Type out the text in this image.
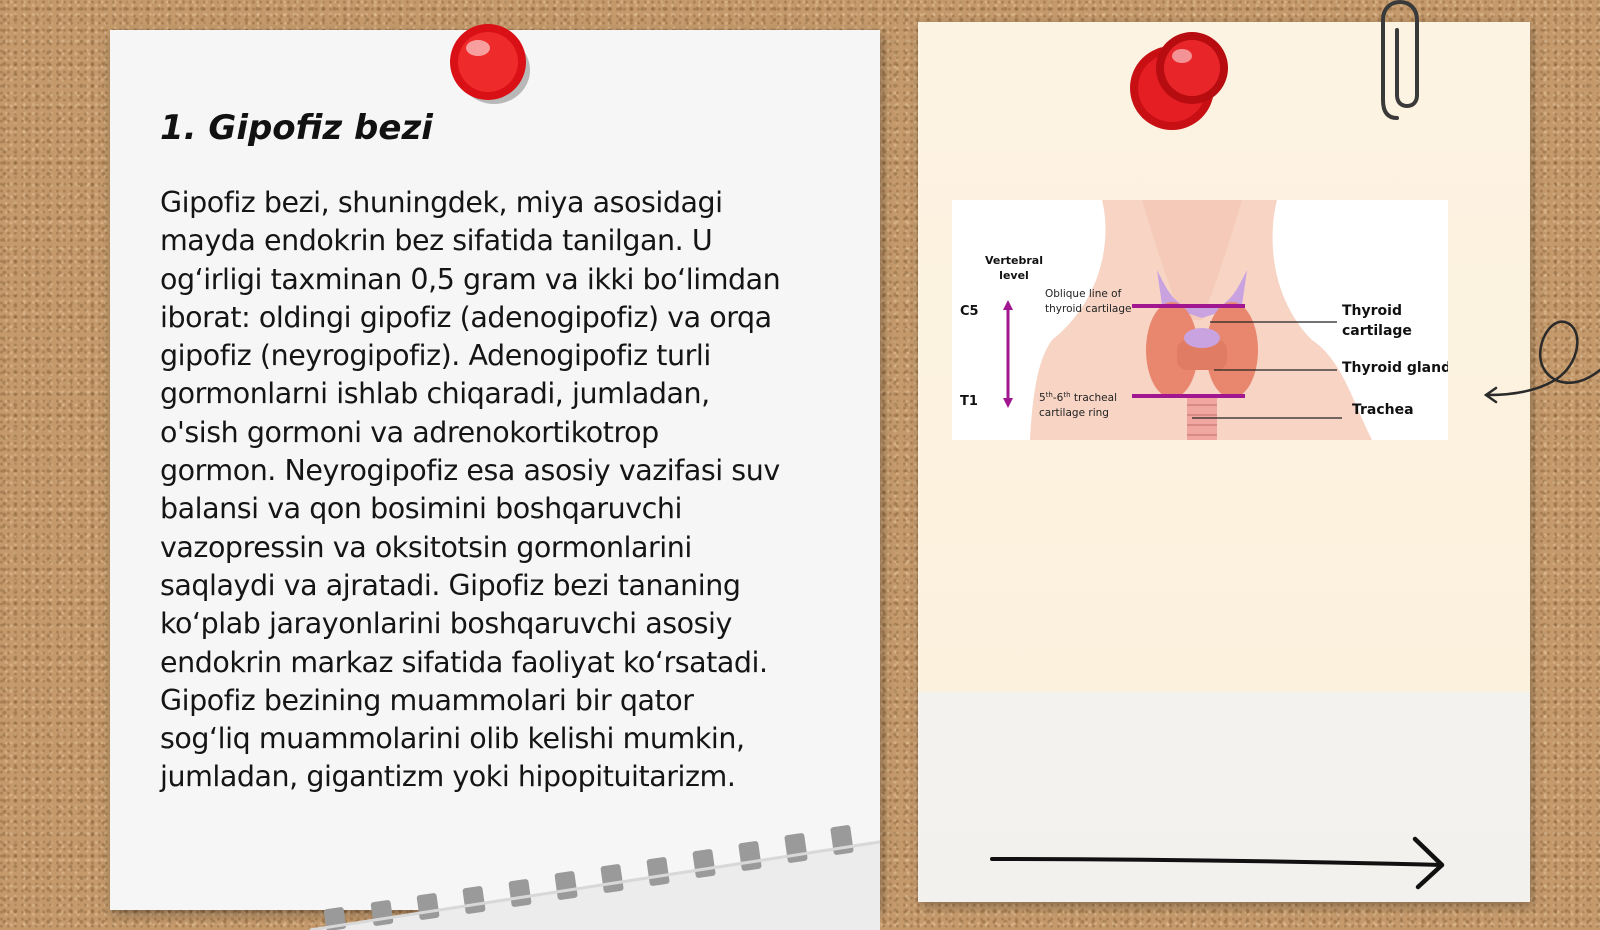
1. Gipofiz bezi

Gipofiz bezi, shuningdek, miya asosidagi
mayda endokrin bez sifatida tanilgan. U
og‘irligi taxminan 0,5 gram va ikki bo‘limdan
iborat: oldingi gipofiz (adenogipofiz) va orqa
gipofiz (neyrogipofiz). Adenogipofiz turli
gormonlarni ishlab chiqaradi, jumladan,
o'sish gormoni va adrenokortikotrop
gormon. Neyrogipofiz esa asosiy vazifasi suv
balansi va qon bosimini boshqaruvchi
vazopressin va oksitotsin gormonlarini
saqlaydi va ajratadi. Gipofiz bezi tananing
ko‘plab jarayonlarini boshqaruvchi asosiy
endokrin markaz sifatida faoliyat ko‘rsatadi.
Gipofiz bezining muammolari bir qator
sog‘liq muammolarini olib kelishi mumkin,
jumladan, gigantizm yoki hipopituitarizm.

Vertebral
level
C5
T1
Oblique line of
thyroid cartilage
5th-6th tracheal
cartilage ring
Thyroid
cartilage
Thyroid gland
Trachea
